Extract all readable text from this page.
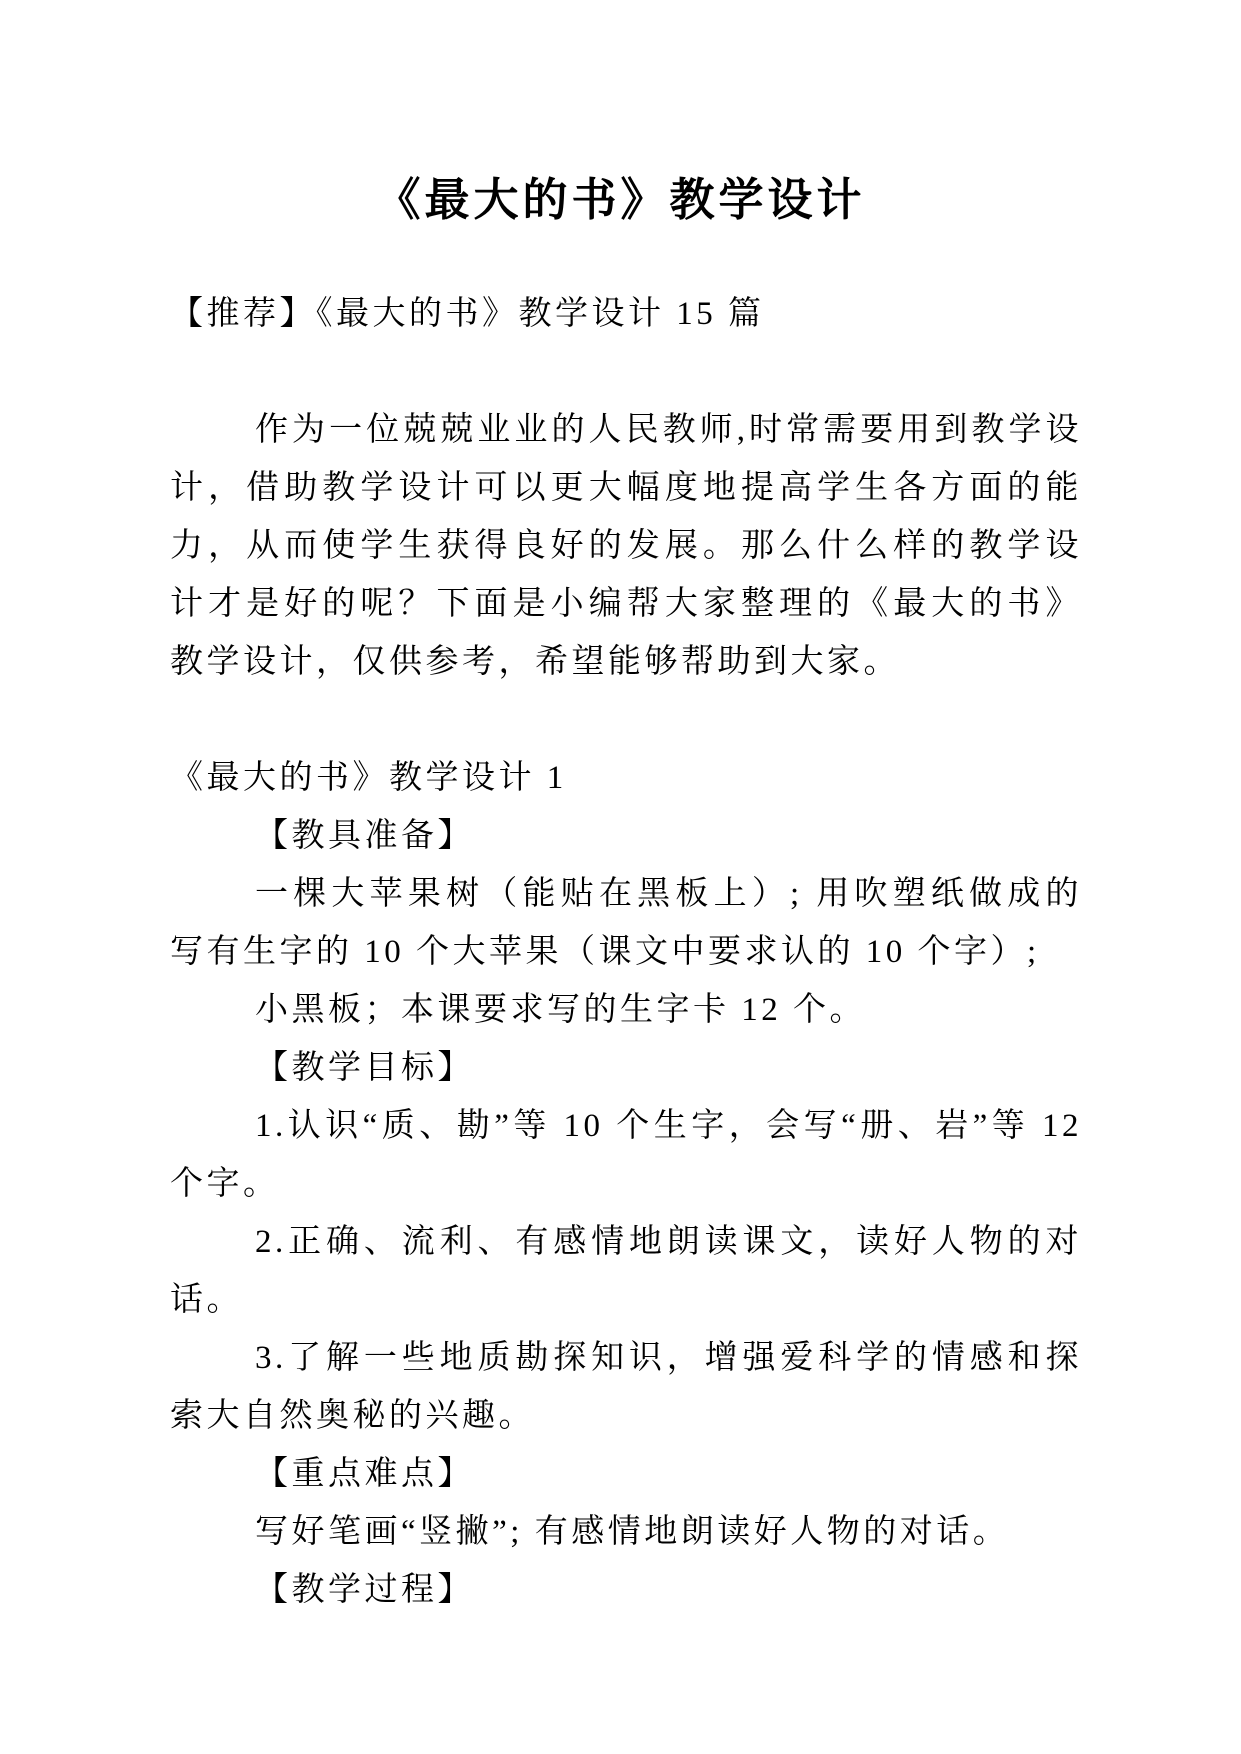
《最大的书》教学设计

【推荐】《最大的书》教学设计 15 篇

作为一位兢兢业业的人民教师,时常需要用到教学设计，借助教学设计可以更大幅度地提高学生各方面的能力，从而使学生获得良好的发展。那么什么样的教学设计才是好的呢？下面是小编帮大家整理的《最大的书》教学设计，仅供参考，希望能够帮助到大家。

《最大的书》教学设计 1

【教具准备】

一棵大苹果树（能贴在黑板上）; 用吹塑纸做成的写有生字的 10 个大苹果（课文中要求认的 10 个字）;

小黑板；本课要求写的生字卡 12 个。

【教学目标】

1.认识“质、勘”等 10 个生字，会写“册、岩”等 12 个字。

2.正确、流利、有感情地朗读课文，读好人物的对话。

3.了解一些地质勘探知识，增强爱科学的情感和探索大自然奥秘的兴趣。

【重点难点】

写好笔画“竖撇”; 有感情地朗读好人物的对话。

【教学过程】
